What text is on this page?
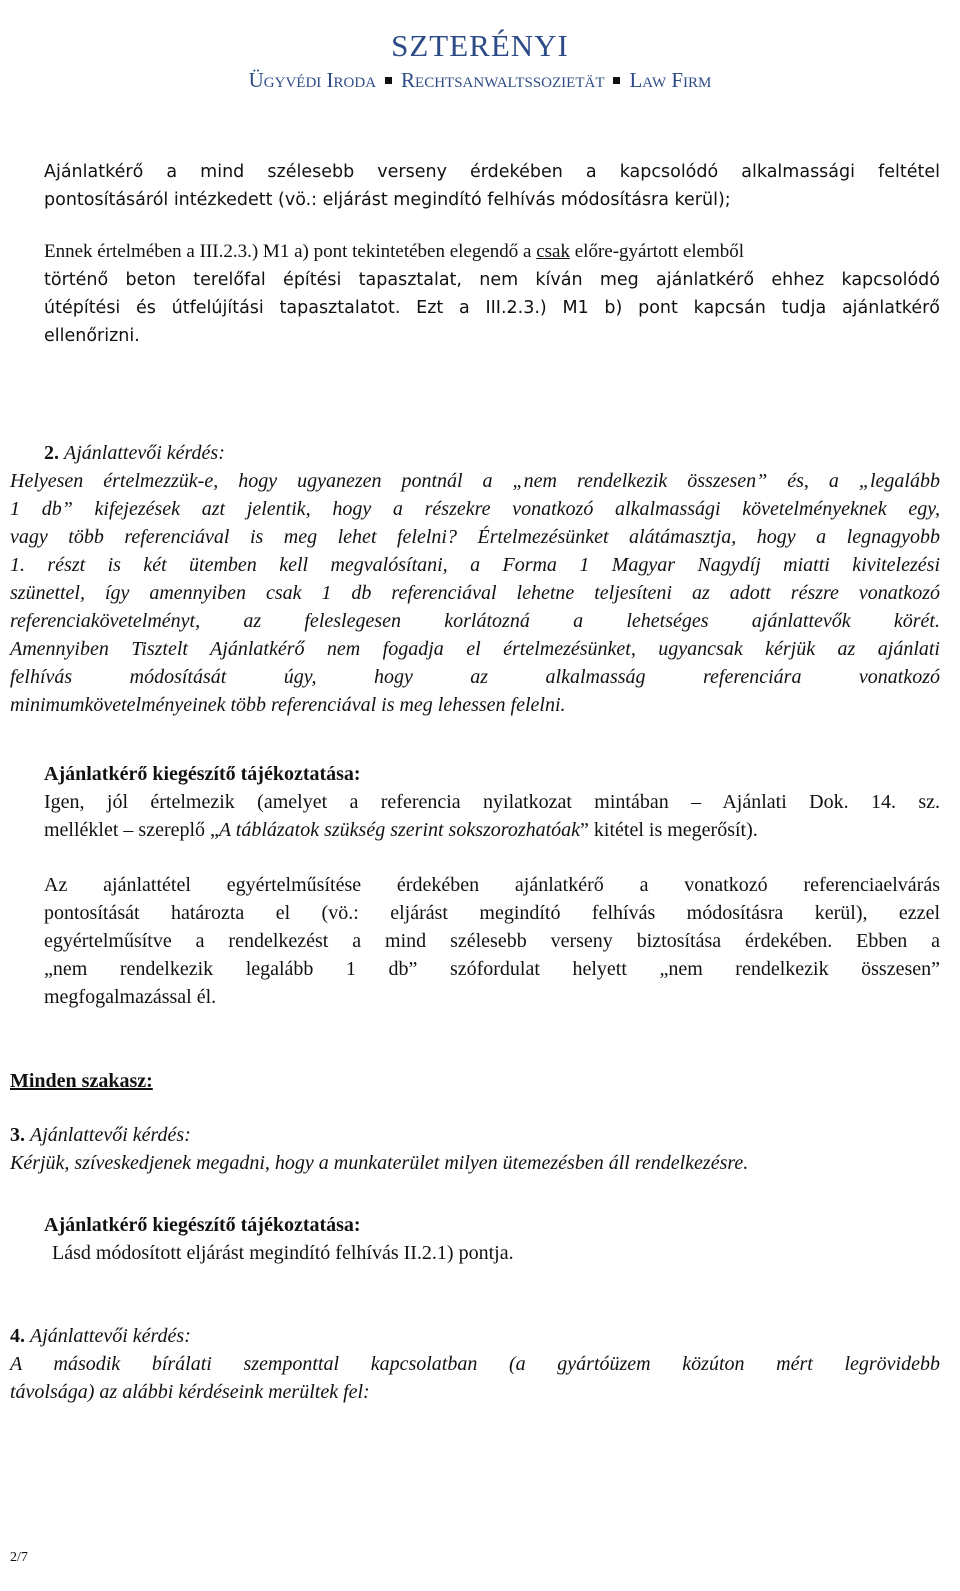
SZTERÉNYI
Ügyvédi Iroda Rechtsanwaltssozietät Law Firm

Ajánlatkérő a mind szélesebb verseny érdekében a kapcsolódó alkalmassági feltétel

pontosításáról intézkedett (vö.: eljárást megindító felhívás módosításra kerül);

Ennek értelmében a III.2.3.) M1 a) pont tekintetében elegendő a csak előre-gyártott elemből

történő beton terelőfal építési tapasztalat, nem kíván meg ajánlatkérő ehhez kapcsolódó

útépítési és útfelújítási tapasztalatot. Ezt a III.2.3.) M1 b) pont kapcsán tudja ajánlatkérő

ellenőrizni.

2. Ajánlattevői kérdés:

Helyesen értelmezzük-e, hogy ugyanezen pontnál a „nem rendelkezik összesen” és, a „legalább

1 db” kifejezések azt jelentik, hogy a részekre vonatkozó alkalmassági követelményeknek egy,

vagy több referenciával is meg lehet felelni? Értelmezésünket alátámasztja, hogy a legnagyobb

1. részt is két ütemben kell megvalósítani, a Forma 1 Magyar Nagydíj miatti kivitelezési

szünettel, így amennyiben csak 1 db referenciával lehetne teljesíteni az adott részre vonatkozó

referenciakövetelményt, az feleslegesen korlátozná a lehetséges ajánlattevők körét.

Amennyiben Tisztelt Ajánlatkérő nem fogadja el értelmezésünket, ugyancsak kérjük az ajánlati

felhívás módosítását úgy, hogy az alkalmasság referenciára vonatkozó

minimumkövetelményeinek több referenciával is meg lehessen felelni.

Ajánlatkérő kiegészítő tájékoztatása:

Igen, jól értelmezik (amelyet a referencia nyilatkozat mintában – Ajánlati Dok. 14. sz.

melléklet – szereplő „A táblázatok szükség szerint sokszorozhatóak” kitétel is megerősít).

Az ajánlattétel egyértelműsítése érdekében ajánlatkérő a vonatkozó referenciaelvárás

pontosítását határozta el (vö.: eljárást megindító felhívás módosításra kerül), ezzel

egyértelműsítve a rendelkezést a mind szélesebb verseny biztosítása érdekében. Ebben a

„nem rendelkezik legalább 1 db” szófordulat helyett „nem rendelkezik összesen”

megfogalmazással él.

3. Ajánlattevői kérdés:

Kérjük, szíveskedjenek megadni, hogy a munkaterület milyen ütemezésben áll rendelkezésre.

Ajánlatkérő kiegészítő tájékoztatása:

Lásd módosított eljárást megindító felhívás II.2.1) pontja.

4. Ajánlattevői kérdés:

A második bírálati szemponttal kapcsolatban (a gyártóüzem közúton mért legrövidebb

távolsága) az alábbi kérdéseink merültek fel:

Minden szakasz:
2/7
